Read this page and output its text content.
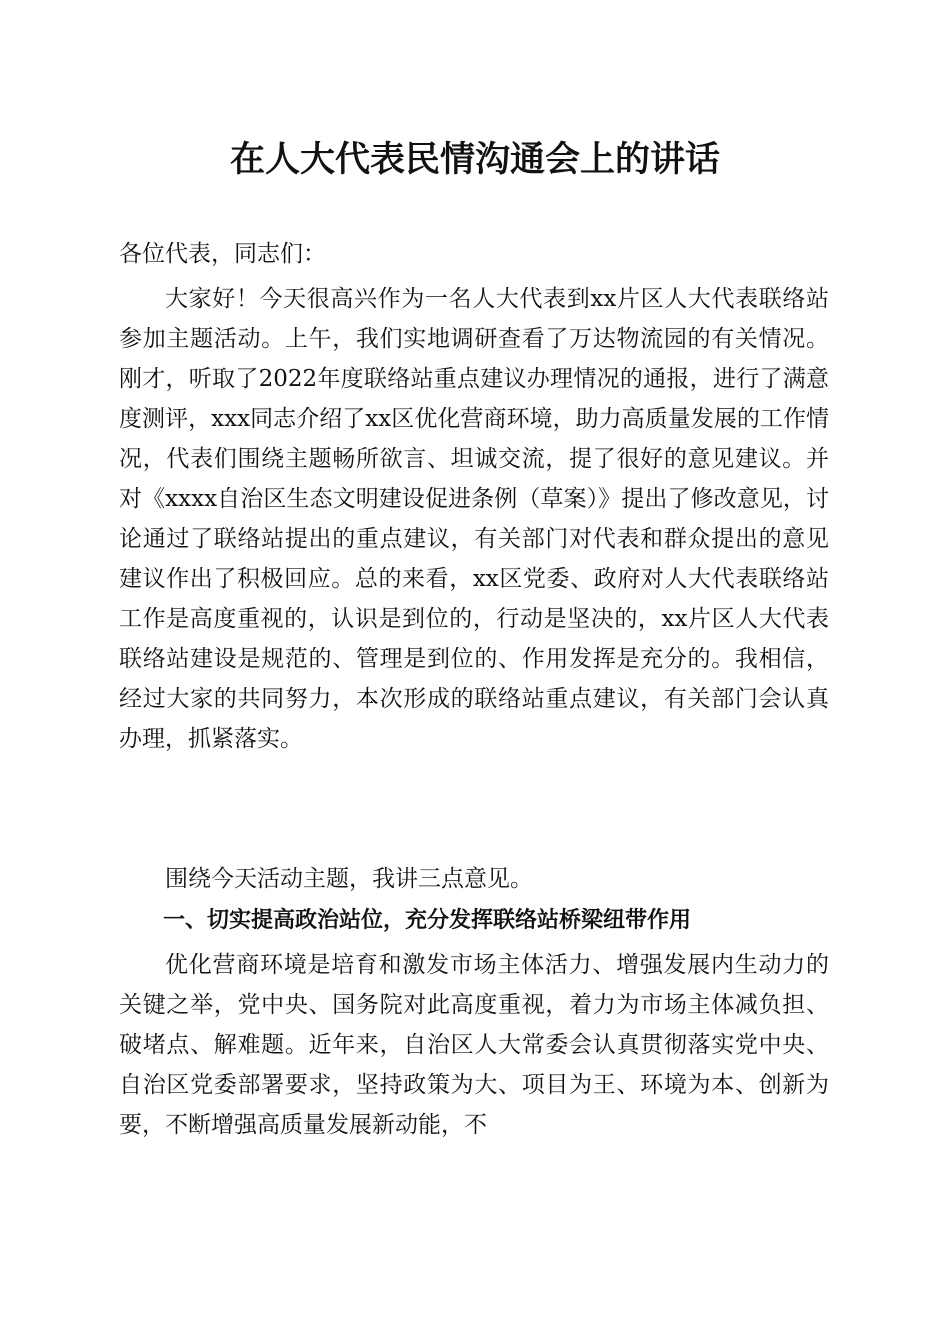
在人大代表民情沟通会上的讲话

各位代表，同志们：

大家好！今天很高兴作为一名人大代表到xx片区人大代表联络站参加主题活动。上午，我们实地调研查看了万达物流园的有关情况。刚才，听取了2022年度联络站重点建议办理情况的通报，进行了满意度测评，xxx同志介绍了xx区优化营商环境，助力高质量发展的工作情况，代表们围绕主题畅所欲言、坦诚交流，提了很好的意见建议。并对《xxxx自治区生态文明建设促进条例（草案）》提出了修改意见，讨论通过了联络站提出的重点建议，有关部门对代表和群众提出的意见建议作出了积极回应。总的来看，xx区党委、政府对人大代表联络站工作是高度重视的，认识是到位的，行动是坚决的，xx片区人大代表联络站建设是规范的、管理是到位的、作用发挥是充分的。我相信，经过大家的共同努力，本次形成的联络站重点建议，有关部门会认真办理，抓紧落实。

围绕今天活动主题，我讲三点意见。

一、切实提高政治站位，充分发挥联络站桥梁纽带作用

优化营商环境是培育和激发市场主体活力、增强发展内生动力的关键之举，党中央、国务院对此高度重视，着力为市场主体减负担、破堵点、解难题。近年来，自治区人大常委会认真贯彻落实党中央、自治区党委部署要求，坚持政策为大、项目为王、环境为本、创新为要，不断增强高质量发展新动能，不
